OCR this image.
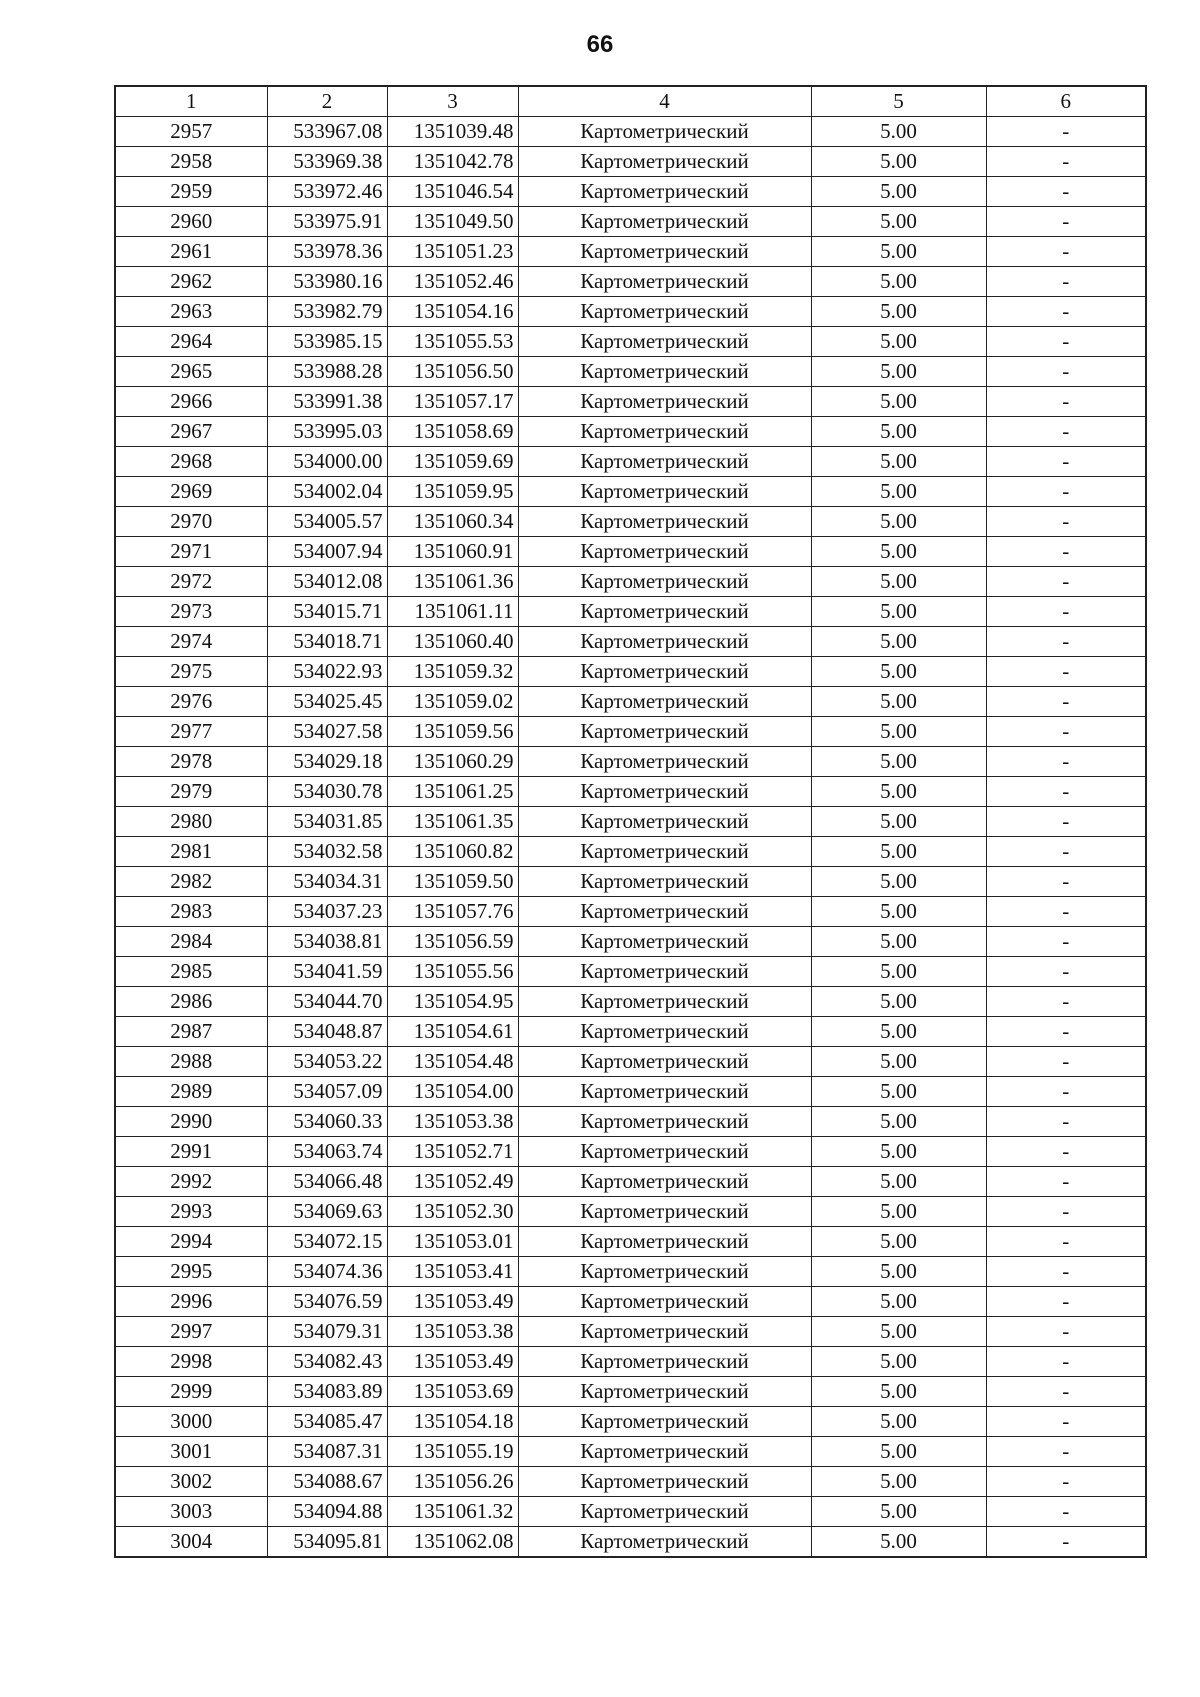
66
1	2	3	4	5	6
2957	533967.08	1351039.48	Картометрический	5.00	-
2958	533969.38	1351042.78	Картометрический	5.00	-
2959	533972.46	1351046.54	Картометрический	5.00	-
2960	533975.91	1351049.50	Картометрический	5.00	-
2961	533978.36	1351051.23	Картометрический	5.00	-
2962	533980.16	1351052.46	Картометрический	5.00	-
2963	533982.79	1351054.16	Картометрический	5.00	-
2964	533985.15	1351055.53	Картометрический	5.00	-
2965	533988.28	1351056.50	Картометрический	5.00	-
2966	533991.38	1351057.17	Картометрический	5.00	-
2967	533995.03	1351058.69	Картометрический	5.00	-
2968	534000.00	1351059.69	Картометрический	5.00	-
2969	534002.04	1351059.95	Картометрический	5.00	-
2970	534005.57	1351060.34	Картометрический	5.00	-
2971	534007.94	1351060.91	Картометрический	5.00	-
2972	534012.08	1351061.36	Картометрический	5.00	-
2973	534015.71	1351061.11	Картометрический	5.00	-
2974	534018.71	1351060.40	Картометрический	5.00	-
2975	534022.93	1351059.32	Картометрический	5.00	-
2976	534025.45	1351059.02	Картометрический	5.00	-
2977	534027.58	1351059.56	Картометрический	5.00	-
2978	534029.18	1351060.29	Картометрический	5.00	-
2979	534030.78	1351061.25	Картометрический	5.00	-
2980	534031.85	1351061.35	Картометрический	5.00	-
2981	534032.58	1351060.82	Картометрический	5.00	-
2982	534034.31	1351059.50	Картометрический	5.00	-
2983	534037.23	1351057.76	Картометрический	5.00	-
2984	534038.81	1351056.59	Картометрический	5.00	-
2985	534041.59	1351055.56	Картометрический	5.00	-
2986	534044.70	1351054.95	Картометрический	5.00	-
2987	534048.87	1351054.61	Картометрический	5.00	-
2988	534053.22	1351054.48	Картометрический	5.00	-
2989	534057.09	1351054.00	Картометрический	5.00	-
2990	534060.33	1351053.38	Картометрический	5.00	-
2991	534063.74	1351052.71	Картометрический	5.00	-
2992	534066.48	1351052.49	Картометрический	5.00	-
2993	534069.63	1351052.30	Картометрический	5.00	-
2994	534072.15	1351053.01	Картометрический	5.00	-
2995	534074.36	1351053.41	Картометрический	5.00	-
2996	534076.59	1351053.49	Картометрический	5.00	-
2997	534079.31	1351053.38	Картометрический	5.00	-
2998	534082.43	1351053.49	Картометрический	5.00	-
2999	534083.89	1351053.69	Картометрический	5.00	-
3000	534085.47	1351054.18	Картометрический	5.00	-
3001	534087.31	1351055.19	Картометрический	5.00	-
3002	534088.67	1351056.26	Картометрический	5.00	-
3003	534094.88	1351061.32	Картометрический	5.00	-
3004	534095.81	1351062.08	Картометрический	5.00	-
